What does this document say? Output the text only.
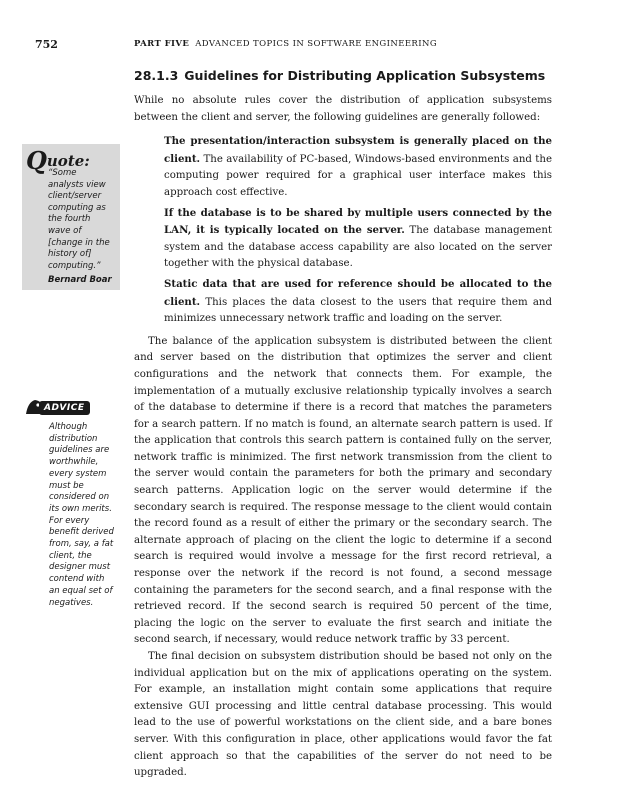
752	PART FIVE ADVANCED TOPICS IN SOFTWARE ENGINEERING
Quote:
“Some analysts view client/server computing as the fourth wave of [change in the history of] computing.”
Bernard Boar
ADVICE
Although distribution guidelines are worthwhile, every system must be considered on its own merits. For every benefit derived from, say, a fat client, the designer must contend with an equal set of negatives.
28.1.3 Guidelines for Distributing Application Subsystems

While no absolute rules cover the distribution of application subsystems between the client and server, the following guidelines are generally followed:

The presentation/interaction subsystem is generally placed on the client. The availability of PC-based, Windows-based environments and the computing power required for a graphical user interface makes this approach cost effective.
If the database is to be shared by multiple users connected by the LAN, it is typically located on the server. The database management system and the database access capability are also located on the server together with the physical database.
Static data that are used for reference should be allocated to the client. This places the data closest to the users that require them and minimizes unnecessary network traffic and loading on the server.

The balance of the application subsystem is distributed between the client and server based on the distribution that optimizes the server and client configurations and the network that connects them. For example, the implementation of a mutually exclusive relationship typically involves a search of the database to determine if there is a record that matches the parameters for a search pattern. If no match is found, an alternate search pattern is used. If the application that controls this search pattern is contained fully on the server, network traffic is minimized. The first network transmission from the client to the server would contain the parameters for both the primary and secondary search patterns. Application logic on the server would determine if the secondary search is required. The response message to the client would contain the record found as a result of either the primary or the secondary search. The alternate approach of placing on the client the logic to determine if a second search is required would involve a message for the first record retrieval, a response over the network if the record is not found, a second message containing the parameters for the second search, and a final response with the retrieved record. If the second search is required 50 percent of the time, placing the logic on the server to evaluate the first search and initiate the second search, if necessary, would reduce network traffic by 33 percent.

The final decision on subsystem distribution should be based not only on the individual application but on the mix of applications operating on the system. For example, an installation might contain some applications that require extensive GUI processing and little central database processing. This would lead to the use of powerful workstations on the client side, and a bare bones server. With this configuration in place, other applications would favor the fat client approach so that the capabilities of the server do not need to be upgraded.
